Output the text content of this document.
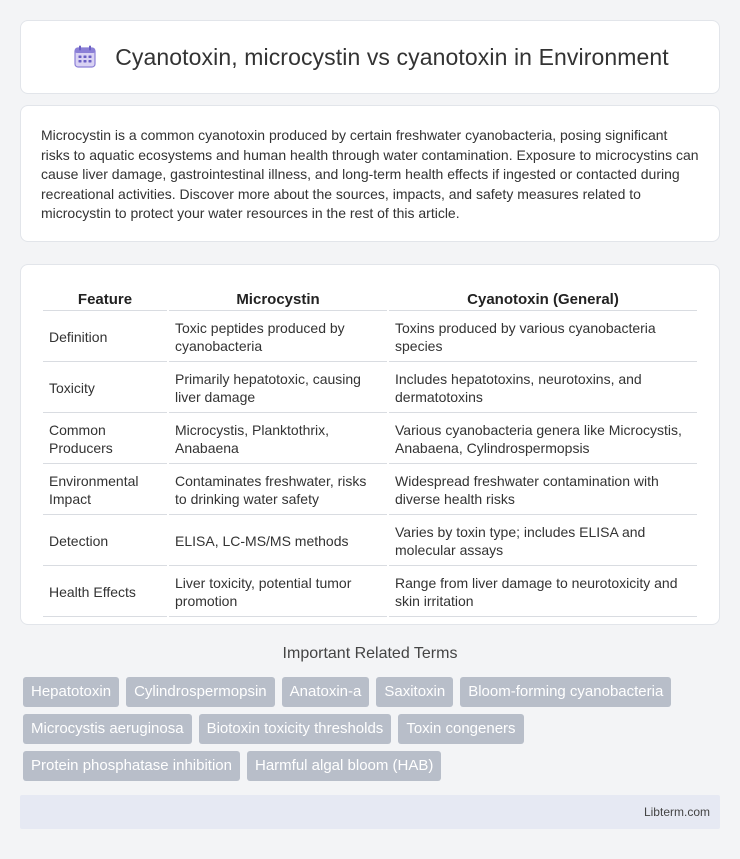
Cyanotoxin, microcystin vs cyanotoxin in Environment

Microcystin is a common cyanotoxin produced by certain freshwater cyanobacteria, posing significant risks to aquatic ecosystems and human health through water contamination. Exposure to microcystins can cause liver damage, gastrointestinal illness, and long-term health effects if ingested or contacted during recreational activities. Discover more about the sources, impacts, and safety measures related to microcystin to protect your water resources in the rest of this article.

Feature	Microcystin	Cyanotoxin (General)
Definition	Toxic peptides produced by cyanobacteria	Toxins produced by various cyanobacteria species
Toxicity	Primarily hepatotoxic, causing liver damage	Includes hepatotoxins, neurotoxins, and dermatotoxins
Common Producers	Microcystis, Planktothrix, Anabaena	Various cyanobacteria genera like Microcystis, Anabaena, Cylindrospermopsis
Environmental Impact	Contaminates freshwater, risks to drinking water safety	Widespread freshwater contamination with diverse health risks
Detection	ELISA, LC-MS/MS methods	Varies by toxin type; includes ELISA and molecular assays
Health Effects	Liver toxicity, potential tumor promotion	Range from liver damage to neurotoxicity and skin irritation
Important Related Terms
Hepatotoxin	Cylindrospermopsin	Anatoxin-a	Saxitoxin	Bloom-forming cyanobacteria
Microcystis aeruginosa	Biotoxin toxicity thresholds	Toxin congeners
Protein phosphatase inhibition	Harmful algal bloom (HAB)
Libterm.com
